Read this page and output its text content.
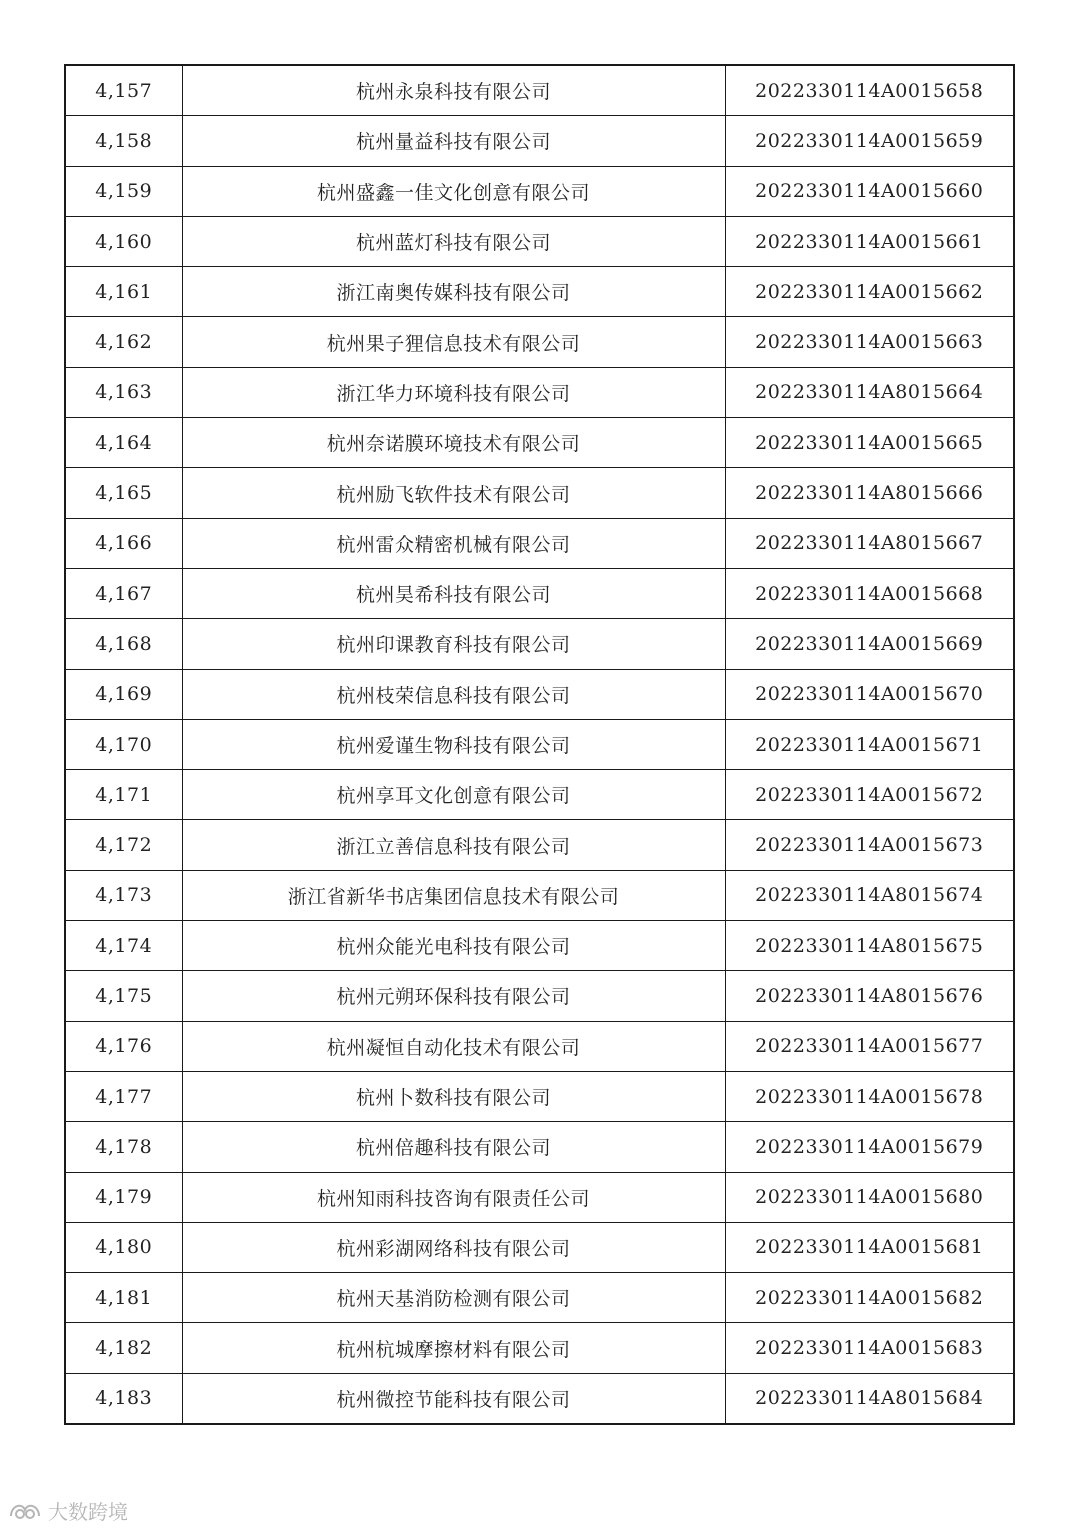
4,157	杭州永泉科技有限公司	2022330114A0015658
4,158	杭州量益科技有限公司	2022330114A0015659
4,159	杭州盛鑫一佳文化创意有限公司	2022330114A0015660
4,160	杭州蓝灯科技有限公司	2022330114A0015661
4,161	浙江南奥传媒科技有限公司	2022330114A0015662
4,162	杭州果子狸信息技术有限公司	2022330114A0015663
4,163	浙江华力环境科技有限公司	2022330114A8015664
4,164	杭州奈诺膜环境技术有限公司	2022330114A0015665
4,165	杭州励飞软件技术有限公司	2022330114A8015666
4,166	杭州雷众精密机械有限公司	2022330114A8015667
4,167	杭州昊希科技有限公司	2022330114A0015668
4,168	杭州印课教育科技有限公司	2022330114A0015669
4,169	杭州枝荣信息科技有限公司	2022330114A0015670
4,170	杭州爱谨生物科技有限公司	2022330114A0015671
4,171	杭州享耳文化创意有限公司	2022330114A0015672
4,172	浙江立善信息科技有限公司	2022330114A0015673
4,173	浙江省新华书店集团信息技术有限公司	2022330114A8015674
4,174	杭州众能光电科技有限公司	2022330114A8015675
4,175	杭州元朔环保科技有限公司	2022330114A8015676
4,176	杭州凝恒自动化技术有限公司	2022330114A0015677
4,177	杭州卜数科技有限公司	2022330114A0015678
4,178	杭州倍趣科技有限公司	2022330114A0015679
4,179	杭州知雨科技咨询有限责任公司	2022330114A0015680
4,180	杭州彩湖网络科技有限公司	2022330114A0015681
4,181	杭州天基消防检测有限公司	2022330114A0015682
4,182	杭州杭城摩擦材料有限公司	2022330114A0015683
4,183	杭州微控节能科技有限公司	2022330114A8015684
大数跨境
